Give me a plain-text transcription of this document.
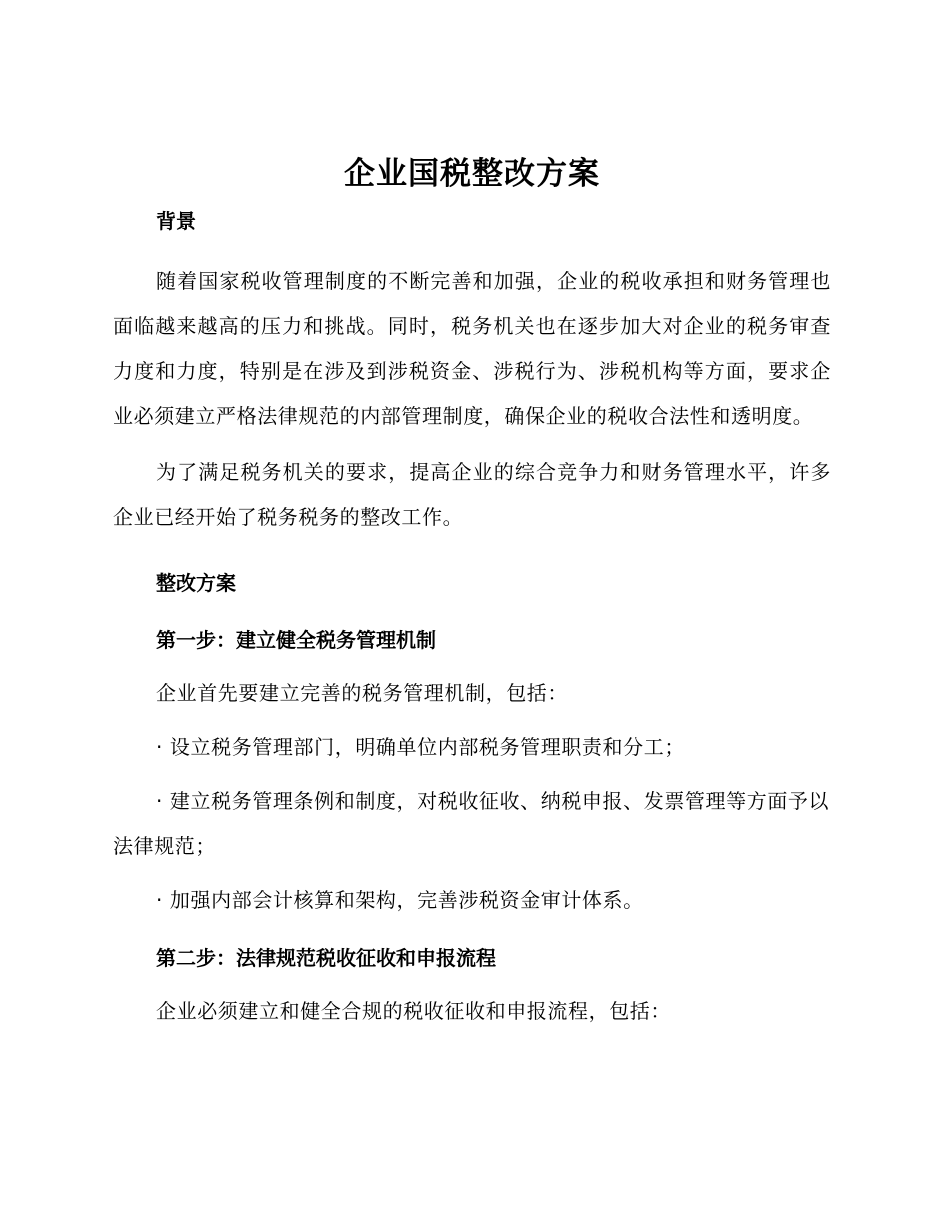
企业国税整改方案

背景

随着国家税收管理制度的不断完善和加强，企业的税收承担和财务管理也面临越来越高的压力和挑战。同时，税务机关也在逐步加大对企业的税务审查力度和力度，特别是在涉及到涉税资金、涉税行为、涉税机构等方面，要求企业必须建立严格法律规范的内部管理制度，确保企业的税收合法性和透明度。

为了满足税务机关的要求，提高企业的综合竞争力和财务管理水平，许多企业已经开始了税务税务的整改工作。

整改方案

第一步：建立健全税务管理机制

企业首先要建立完善的税务管理机制，包括：

· 设立税务管理部门，明确单位内部税务管理职责和分工；

· 建立税务管理条例和制度，对税收征收、纳税申报、发票管理等方面予以法律规范；

· 加强内部会计核算和架构，完善涉税资金审计体系。

第二步：法律规范税收征收和申报流程

企业必须建立和健全合规的税收征收和申报流程，包括：
